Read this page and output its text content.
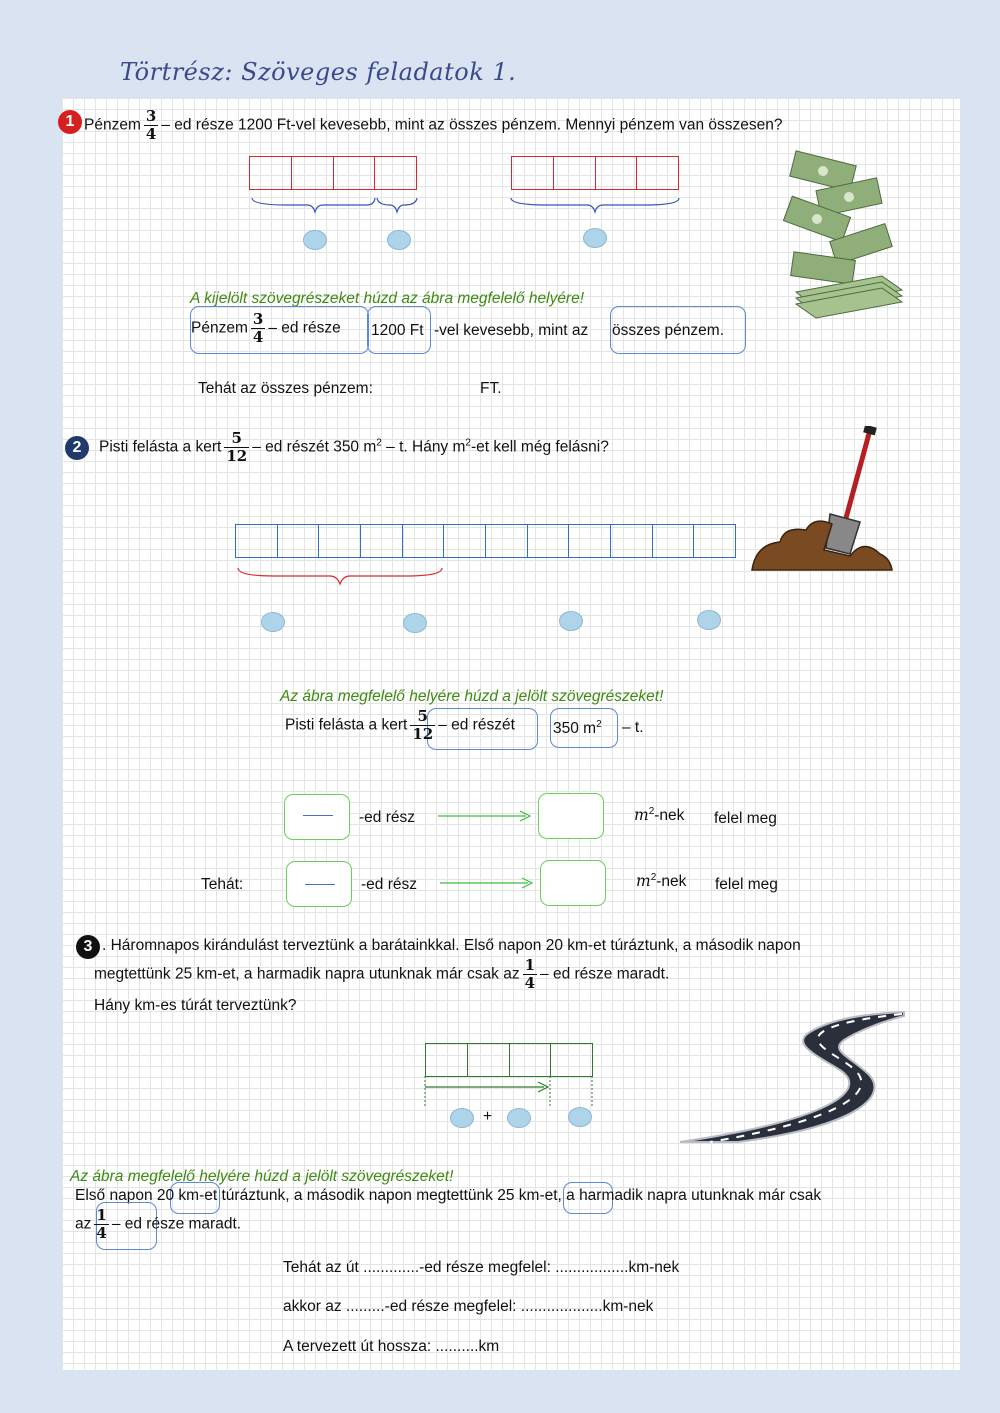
Törtrész: Szöveges feladatok 1.
1 Pénzem $\frac{3}{4}$ – ed része 1200 Ft-vel kevesebb, mint az összes pénzem. Mennyi pénzem van összesen?
A kijelölt szövegrészeket húzd az ábra megfelelő helyére!
Pénzem $\frac{3}{4}$ – ed része 1200 Ft -vel kevesebb, mint az összes pénzem.
Tehát az összes pénzem:	FT.
2	Pisti felásta a kert $\frac{5}{12}$ – ed részét 350 $m^2$ – t. Hány $m^2-et$ kell még felásni?
Az ábra megfelelő helyére húzd a jelölt szövegrészeket!
Pisti felásta a kert $\frac{5}{12}$ – ed részét 350 $m^2$ – t.
-ed rész	$m^2$-nek felel meg
Tehát:	-ed rész	$m^2$-nek felel meg
3 . Háromnapos kirándulást terveztünk a barátainkkal. Első napon 20 km-et túráztunk, a második napon
megtettünk 25 km-et, a harmadik napra utunknak már csak az $\frac{1}{4}$ – ed része maradt.
Hány km-es túrát terveztünk?
+
Az ábra megfelelő helyére húzd a jelölt szövegrészeket!
Első napon 20 km-et túráztunk, a második napon megtettünk 25 km-et, a harmadik napra utunknak már csak
az $\frac{1}{4}$ – ed része maradt.
Tehát az út .............-ed része megfelel: .................km-nek
akkor az .........-ed része megfelel: ...................km-nek
A tervezett út hossza: ..........km
